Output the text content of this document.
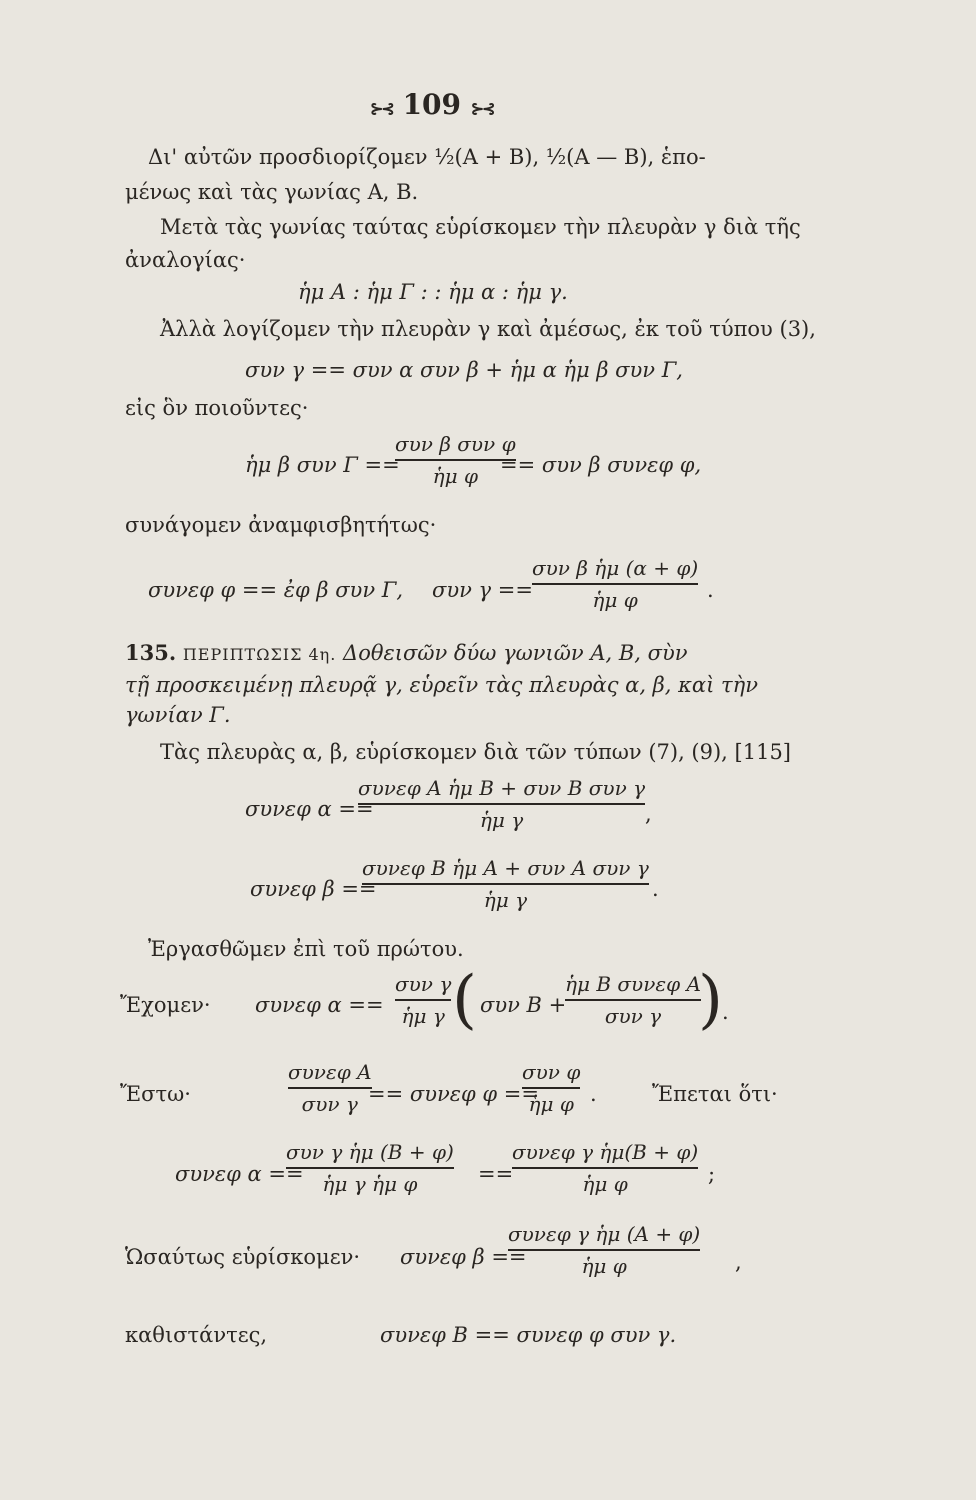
⊱⊰ 109 ⊱⊰
Δι' αὐτῶν προσδιορίζομεν ½(Α + Β), ½(Α — Β), ἑπο-
μένως καὶ τὰς γωνίας Α, Β.
Μετὰ τὰς γωνίας ταύτας εὑρίσκομεν τὴν πλευρὰν γ διὰ τῆς
ἀναλογίας·
ἡμ Α : ἡμ Γ : : ἡμ α : ἡμ γ.
Ἀλλὰ λογίζομεν τὴν πλευρὰν γ καὶ ἀμέσως, ἐκ τοῦ τύπου (3),
συν γ == συν α συν β + ἡμ α ἡμ β συν Γ,
εἰς ὃν ποιοῦντες·
ἡμ β συν Γ ==
συν β συν φ
ἡμ φ == συν β συνεφ φ,
συνάγομεν ἀναμφισβητήτως·
συνεφ φ == ἐφ β συν Γ, συν γ ==
συν β ἡμ (α + φ)
ἡμ φ	.
135. ΠΕΡΙΠΤΩΣΙΣ 4η. Δοθεισῶν δύω γωνιῶν Α, Β, σὺν
τῇ προσκειμένῃ πλευρᾷ γ, εὑρεῖν τὰς πλευρὰς α, β, καὶ τὴν
γωνίαν Γ.
Τὰς πλευρὰς α, β, εὑρίσκομεν διὰ τῶν τύπων (7), (9), [115]
συνεφ α ==
συνεφ Α ἡμ Β + συν Β συν γ
ἡμ γ	,
συνεφ β ==
συνεφ Β ἡμ Α + συν Α συν γ
ἡμ γ	.
Ἐργασθῶμεν ἐπὶ τοῦ πρώτου.
Ἔχομεν· συνεφ α ==
συν γ
ἡμ γ ( συν Β +
ἡμ Β συνεφ Α
συν γ ) .
Ἔστω·
συνεφ Α
συν γ == συνεφ φ ==
συν φ
ἡμ φ .	Ἔπεται ὅτι·
συνεφ α ==
συν γ ἡμ (Β + φ)
ἡμ γ ἡμ φ	==
συνεφ γ ἡμ(Β + φ)
ἡμ φ	;
Ὡσαύτως εὑρίσκομεν· συνεφ β ==
συνεφ γ ἡμ (Α + φ)
ἡμ φ	,
καθιστάντες,	συνεφ Β == συνεφ φ συν γ.
